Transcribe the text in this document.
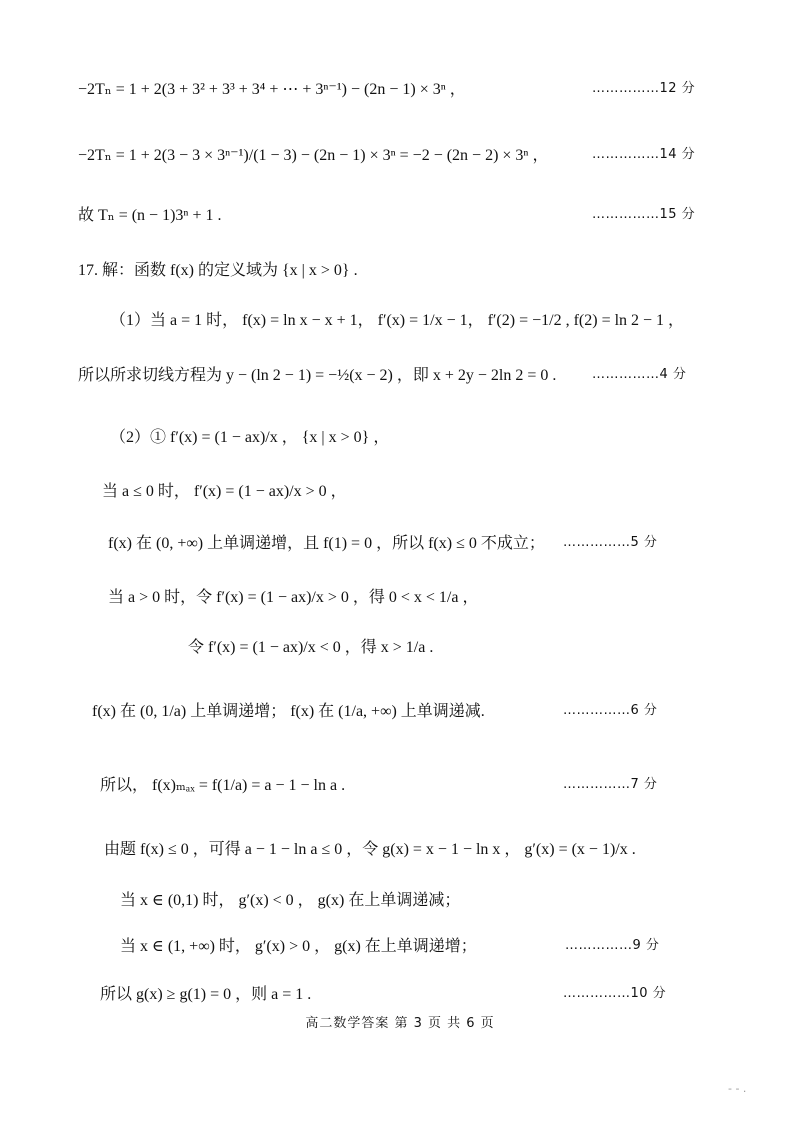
−2Tₙ = 1 + 2(3 + 3² + 3³ + 3⁴ + ⋯ + 3ⁿ⁻¹) − (2n − 1) × 3ⁿ ，	……………12 分
−2Tₙ = 1 + 2(3 − 3 × 3ⁿ⁻¹)/(1 − 3) − (2n − 1) × 3ⁿ = −2 − (2n − 2) × 3ⁿ ，	……………14 分
故 Tₙ = (n − 1)3ⁿ + 1 .	……………15 分
17. 解：函数 f(x) 的定义域为 {x | x > 0} .
（1）当 a = 1 时， f(x) = ln x − x + 1， f′(x) = 1/x − 1， f′(2) = −1/2 , f(2) = ln 2 − 1 ，
所以所求切线方程为 y − (ln 2 − 1) = −½(x − 2) ，即 x + 2y − 2ln 2 = 0 .	……………4 分
（2）① f′(x) = (1 − ax)/x ， {x | x > 0} ，
当 a ≤ 0 时， f′(x) = (1 − ax)/x > 0 ，
f(x) 在 (0, +∞) 上单调递增，且 f(1) = 0 ，所以 f(x) ≤ 0 不成立； ……………5 分
当 a > 0 时，令 f′(x) = (1 − ax)/x > 0 ，得 0 < x < 1/a ，
令 f′(x) = (1 − ax)/x < 0 ，得 x > 1/a .
f(x) 在 (0, 1/a) 上单调递增； f(x) 在 (1/a, +∞) 上单调递减.	……………6 分
所以， f(x)ₘₐₓ = f(1/a) = a − 1 − ln a .	……………7 分
由题 f(x) ≤ 0 ，可得 a − 1 − ln a ≤ 0 ，令 g(x) = x − 1 − ln x ， g′(x) = (x − 1)/x .
当 x ∈ (0,1) 时， g′(x) < 0 ， g(x) 在上单调递减；
当 x ∈ (1, +∞) 时， g′(x) > 0 ， g(x) 在上单调递增；	……………9 分
所以 g(x) ≥ g(1) = 0 ，则 a = 1 .	……………10 分
高二数学答案 第 3 页 共 6 页
- - .
